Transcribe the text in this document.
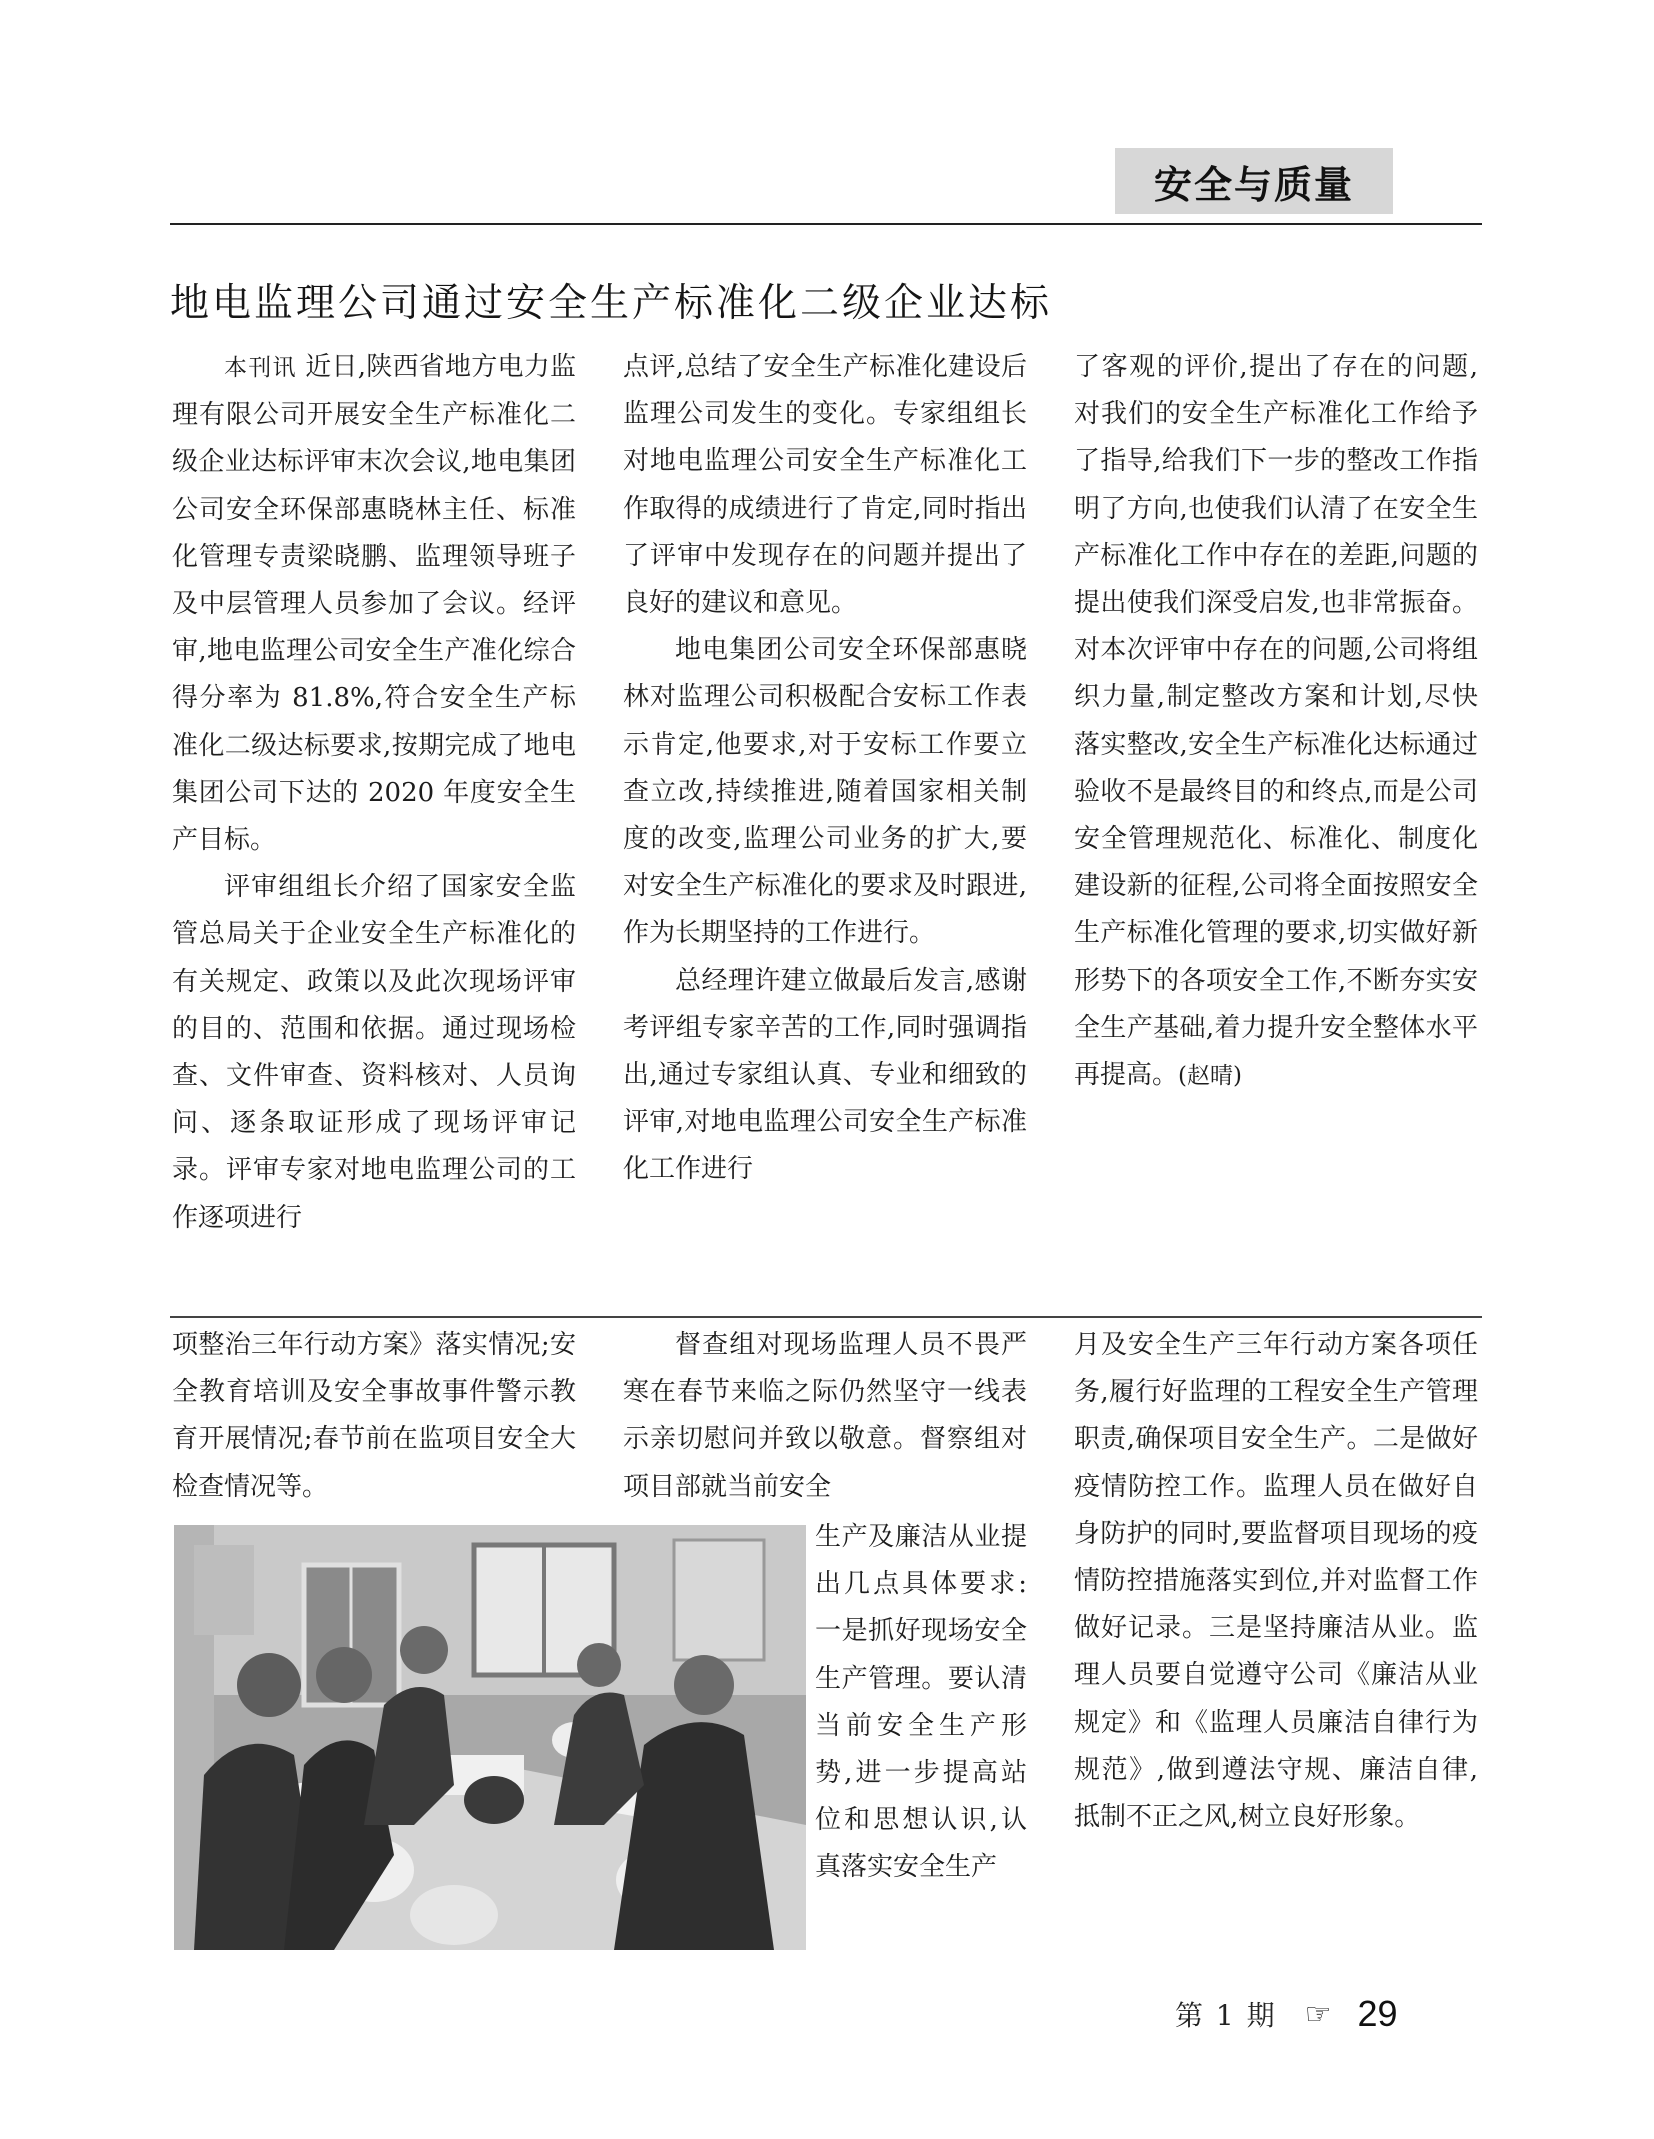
安全与质量
地电监理公司通过安全生产标准化二级企业达标

本刊讯 近日,陕西省地方电力监理有限公司开展安全生产标准化二级企业达标评审末次会议,地电集团公司安全环保部惠晓林主任、标准化管理专责梁晓鹏、监理领导班子及中层管理人员参加了会议。经评审,地电监理公司安全生产准化综合得分率为 81.8%,符合安全生产标准化二级达标要求,按期完成了地电集团公司下达的 2020 年度安全生产目标。

评审组组长介绍了国家安全监管总局关于企业安全生产标准化的有关规定、政策以及此次现场评审的目的、范围和依据。通过现场检查、文件审查、资料核对、人员询问、逐条取证形成了现场评审记录。评审专家对地电监理公司的工作逐项进行

点评,总结了安全生产标准化建设后监理公司发生的变化。专家组组长对地电监理公司安全生产标准化工作取得的成绩进行了肯定,同时指出了评审中发现存在的问题并提出了良好的建议和意见。

地电集团公司安全环保部惠晓林对监理公司积极配合安标工作表示肯定,他要求,对于安标工作要立查立改,持续推进,随着国家相关制度的改变,监理公司业务的扩大,要对安全生产标准化的要求及时跟进,作为长期坚持的工作进行。

总经理许建立做最后发言,感谢考评组专家辛苦的工作,同时强调指出,通过专家组认真、专业和细致的评审,对地电监理公司安全生产标准化工作进行

了客观的评价,提出了存在的问题,对我们的安全生产标准化工作给予了指导,给我们下一步的整改工作指明了方向,也使我们认清了在安全生产标准化工作中存在的差距,问题的提出使我们深受启发,也非常振奋。对本次评审中存在的问题,公司将组织力量,制定整改方案和计划,尽快落实整改,安全生产标准化达标通过验收不是最终目的和终点,而是公司安全管理规范化、标准化、制度化建设新的征程,公司将全面按照安全生产标准化管理的要求,切实做好新形势下的各项安全工作,不断夯实安全生产基础,着力提升安全整体水平再提高。(赵晴)

项整治三年行动方案》落实情况;安全教育培训及安全事故事件警示教育开展情况;春节前在监项目安全大检查情况等。

督查组对现场监理人员不畏严寒在春节来临之际仍然坚守一线表示亲切慰问并致以敬意。督察组对项目部就当前安全

生产及廉洁从业提出几点具体要求:一是抓好现场安全生产管理。要认清当前安全生产形势,进一步提高站位和思想认识,认真落实安全生产

月及安全生产三年行动方案各项任务,履行好监理的工程安全生产管理职责,确保项目安全生产。二是做好疫情防控工作。监理人员在做好自身防护的同时,要监督项目现场的疫情防控措施落实到位,并对监督工作做好记录。三是坚持廉洁从业。监理人员要自觉遵守公司《廉洁从业规定》和《监理人员廉洁自律行为规范》,做到遵法守规、廉洁自律,抵制不正之风,树立良好形象。

第 1 期 ☞ 29
